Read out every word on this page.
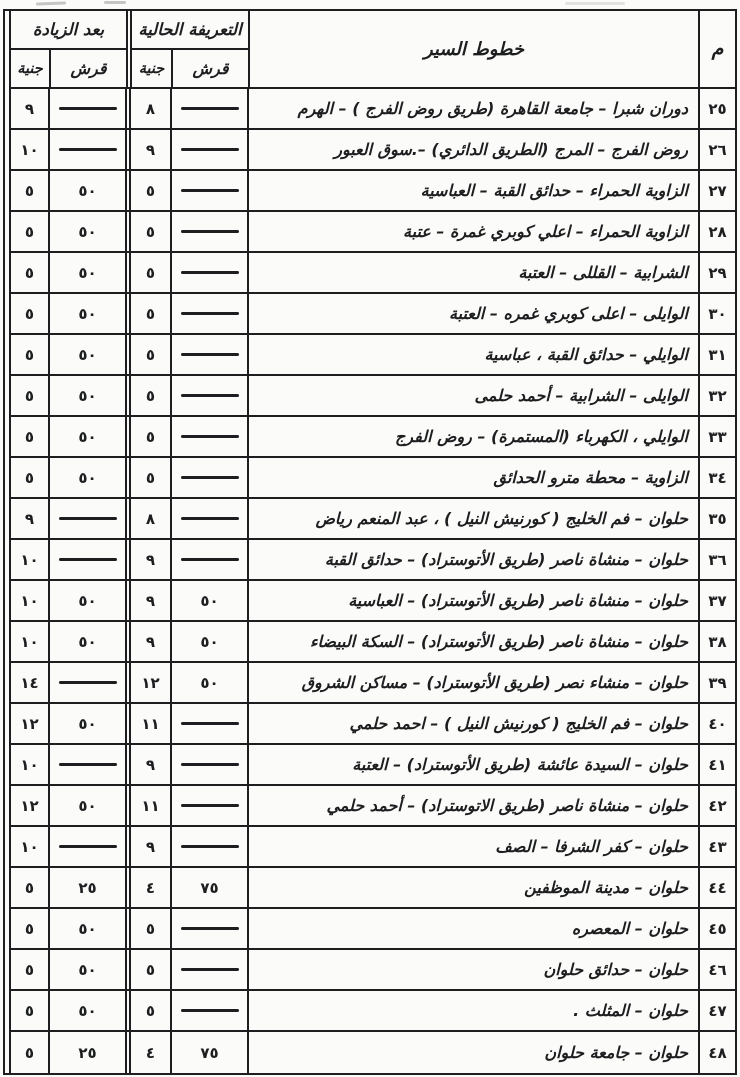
م
خطوط السير
التعريفة الحالية
قرش
جنية
بعد الزيادة
قرش
جنية
٢٥
دوران شبرا – جامعة القاهرة (طريق روض الفرج ) – الهرم
٨
٩
٢٦
روض الفرج – المرج (الطريق الدائري) –.سوق العبور
٩
١٠
٢٧
الزاوية الحمراء – حدائق القبة – العباسية
٥
٥٠
٥
٢٨
الزاوية الحمراء – اعلي كوبري غمرة – عتبة
٥
٥٠
٥
٢٩
الشرابية – القللى – العتبة
٥
٥٠
٥
٣٠
الوايلى – اعلى كوبري غمره – العتبة
٥
٥٠
٥
٣١
الوايلي – حدائق القبة ، عباسية
٥
٥٠
٥
٣٢
الوايلى – الشرابية – أحمد حلمى
٥
٥٠
٥
٣٣
الوايلي ، الكهرباء (المستمرة) – روض الفرج
٥
٥٠
٥
٣٤
الزاوية – محطة مترو الحدائق
٥
٥٠
٥
٣٥
حلوان – فم الخليج ( كورنيش النيل ) ، عبد المنعم رياض
٨
٩
٣٦
حلوان – منشاة ناصر (طريق الأتوستراد) – حدائق القبة
٩
١٠
٣٧
حلوان – منشاة ناصر (طريق الأتوستراد) – العباسية
٥٠
٩
٥٠
١٠
٣٨
حلوان – منشاة ناصر (طريق الأتوستراد) – السكة البيضاء
٥٠
٩
٥٠
١٠
٣٩
حلوان – منشاء نصر (طريق الأتوستراد) – مساكن الشروق
٥٠
١٢
١٤
٤٠
حلوان – فم الخليج ( كورنيش النيل ) – احمد حلمي
١١
٥٠
١٢
٤١
حلوان – السيدة عائشة (طريق الأتوستراد) – العتبة
٩
١٠
٤٢
حلوان – منشاة ناصر (طريق الاتوستراد) – أحمد حلمي
١١
٥٠
١٢
٤٣
حلوان – كفر الشرفا – الصف
٩
١٠
٤٤
حلوان – مدينة الموظفين
٧٥
٤
٢٥
٥
٤٥
حلوان – المعصره
٥
٥٠
٥
٤٦
حلوان – حدائق حلوان
٥
٥٠
٥
٤٧
حلوان – المثلث .
٥
٥٠
٥
٤٨
حلوان – جامعة حلوان
٧٥
٤
٢٥
٥
